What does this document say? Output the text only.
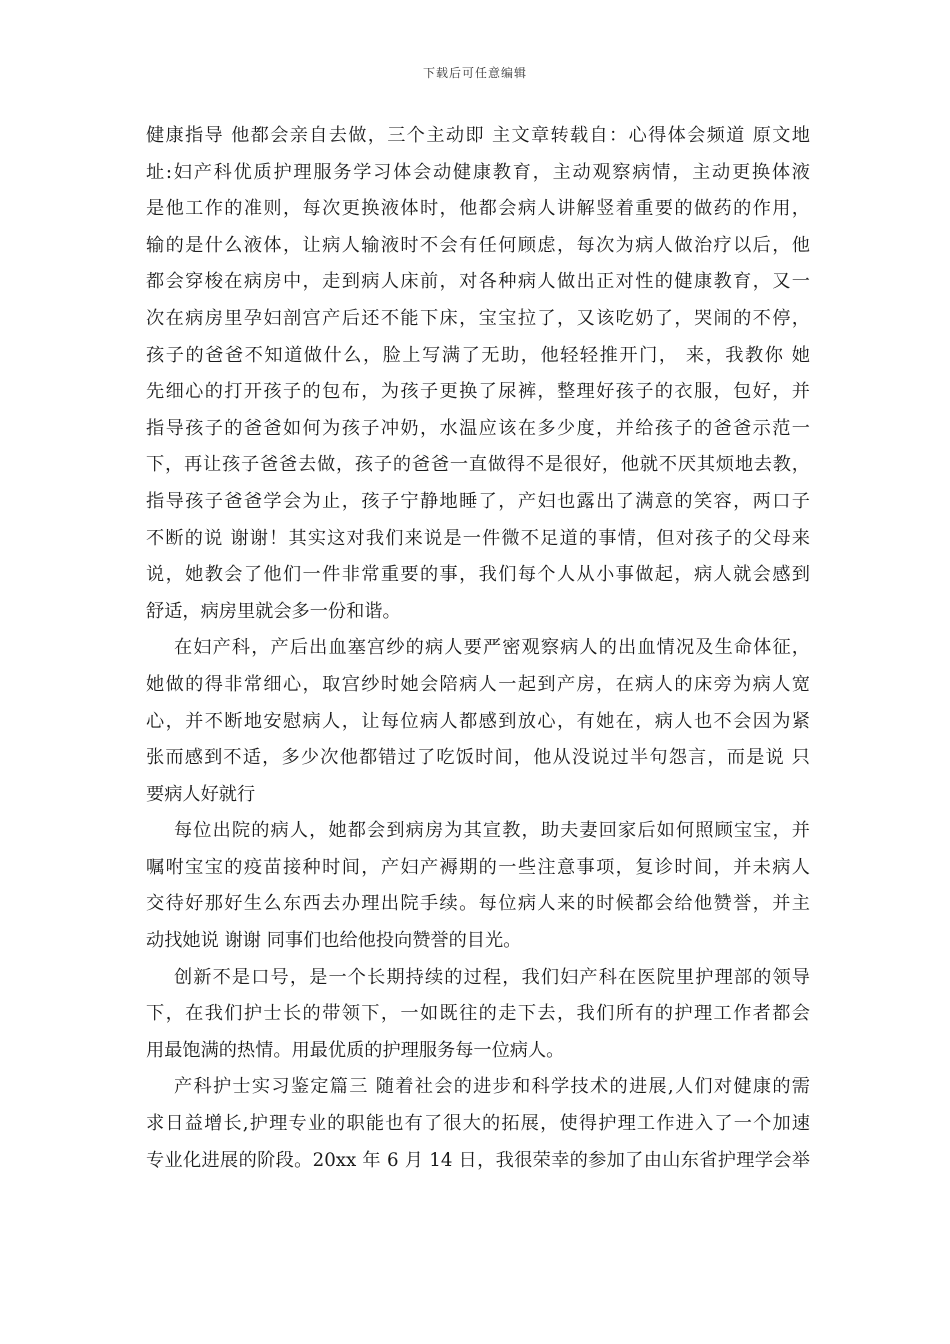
下载后可任意编辑
健康指导 他都会亲自去做，三个主动即 主文章转载自：心得体会频道 原文地
址:妇产科优质护理服务学习体会动健康教育，主动观察病情，主动更换体液
是他工作的准则，每次更换液体时，他都会病人讲解竖着重要的做药的作用，
输的是什么液体，让病人输液时不会有任何顾虑，每次为病人做治疗以后，他
都会穿梭在病房中，走到病人床前，对各种病人做出正对性的健康教育，又一
次在病房里孕妇剖宫产后还不能下床，宝宝拉了，又该吃奶了，哭闹的不停，
孩子的爸爸不知道做什么，脸上写满了无助，他轻轻推开门， 来，我教你 她
先细心的打开孩子的包布，为孩子更换了尿裤，整理好孩子的衣服，包好，并
指导孩子的爸爸如何为孩子冲奶，水温应该在多少度，并给孩子的爸爸示范一
下，再让孩子爸爸去做，孩子的爸爸一直做得不是很好，他就不厌其烦地去教，
指导孩子爸爸学会为止，孩子宁静地睡了，产妇也露出了满意的笑容，两口子
不断的说 谢谢！其实这对我们来说是一件微不足道的事情，但对孩子的父母来
说，她教会了他们一件非常重要的事，我们每个人从小事做起，病人就会感到
舒适，病房里就会多一份和谐。
在妇产科，产后出血塞宫纱的病人要严密观察病人的出血情况及生命体征，
她做的得非常细心，取宫纱时她会陪病人一起到产房，在病人的床旁为病人宽
心，并不断地安慰病人，让每位病人都感到放心，有她在，病人也不会因为紧
张而感到不适，多少次他都错过了吃饭时间，他从没说过半句怨言，而是说 只
要病人好就行
每位出院的病人，她都会到病房为其宣教，助夫妻回家后如何照顾宝宝，并
嘱咐宝宝的疫苗接种时间，产妇产褥期的一些注意事项，复诊时间，并未病人
交待好那好生么东西去办理出院手续。每位病人来的时候都会给他赞誉，并主
动找她说 谢谢 同事们也给他投向赞誉的目光。
创新不是口号，是一个长期持续的过程，我们妇产科在医院里护理部的领导
下，在我们护士长的带领下，一如既往的走下去，我们所有的护理工作者都会
用最饱满的热情。用最优质的护理服务每一位病人。
产科护士实习鉴定篇三 随着社会的进步和科学技术的进展,人们对健康的需
求日益增长,护理专业的职能也有了很大的拓展，使得护理工作进入了一个加速
专业化进展的阶段。20xx 年 6 月 14 日，我很荣幸的参加了由山东省护理学会举
